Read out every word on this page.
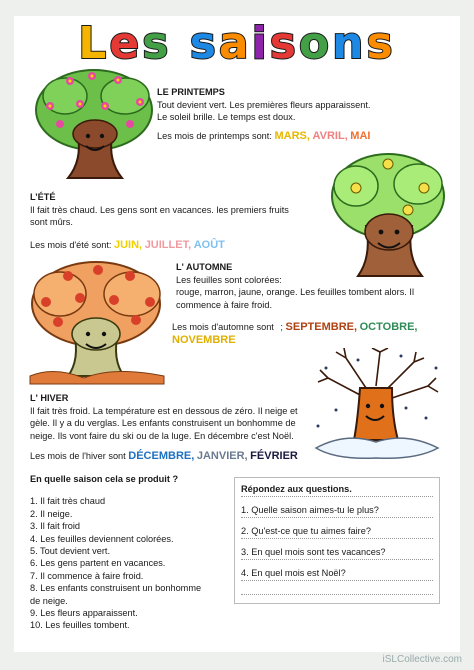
Les saisons
LE PRINTEMPS
Tout devient vert. Les premières fleurs apparaissent.
Le soleil brille. Le temps est doux.
Les mois de printemps sont: MARS, AVRIL, MAI
L’ÉTÉ
Il fait très chaud. Les gens sont en vacances. les premiers fruits
sont mûrs.
Les mois d'été sont: JUIN, JUILLET, AOÛT
L' AUTOMNE
Les feuilles sont colorées:
rouge, marron, jaune, orange. Les feuilles tombent alors. Il
commence à faire froid.
Les mois d'automne sont ; SEPTEMBRE, OCTOBRE, NOVEMBRE
L' HIVER
Il fait très froid. La température est en dessous de zéro. Il neige et
gèle. Il y a du verglas. Les enfants construisent un bonhomme de
neige. Ils vont faire du ski ou de la luge. En décembre c'est Noël.
Les mois de l'hiver sont DÉCEMBRE, JANVIER, FÉVRIER
En quelle saison cela se produit ?
1. Il fait très chaud
2. Il neige.
3. Il fait froid
4. Les feuilles deviennent colorées.
5. Tout devient vert.
6. Les gens partent en vacances.
7. Il commence à faire froid.
8. Les enfants construisent un bonhomme
de neige.
9. Les fleurs apparaissent.
10. Les feuilles tombent.
Répondez aux questions.
1. Quelle saison aimes-tu le plus?
2. Qu'est-ce que tu aimes faire?
3. En quel mois sont tes vacances?
4. En quel mois est Noël?
iSLCollective.com
